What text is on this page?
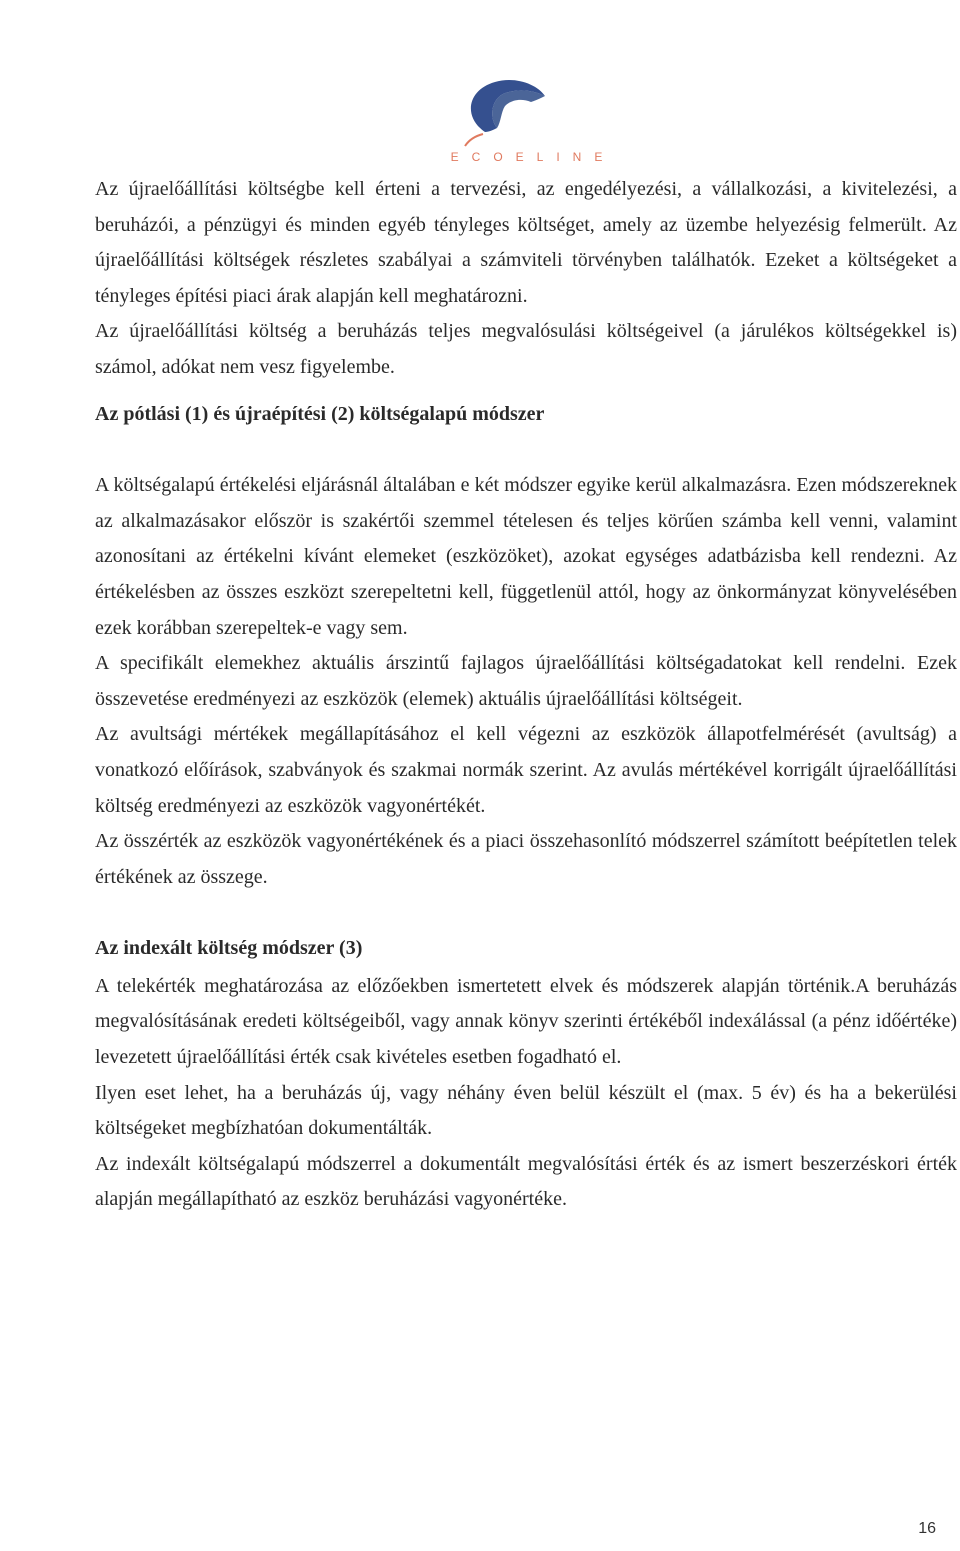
ECOELINE

Az újraelőállítási költségbe kell érteni a tervezési, az engedélyezési, a vállalkozási, a kivitelezési, a beruházói, a pénzügyi és minden egyéb tényleges költséget, amely az üzembe helyezésig felmerült. Az újraelőállítási költségek részletes szabályai a számviteli törvényben találhatók. Ezeket a költségeket a tényleges építési piaci árak alapján kell meghatározni.

Az újraelőállítási költség a beruházás teljes megvalósulási költségeivel (a járulékos költségekkel is) számol, adókat nem vesz figyelembe.

Az pótlási (1) és újraépítési (2) költségalapú módszer

A költségalapú értékelési eljárásnál általában e két módszer egyike kerül alkalmazásra. Ezen módszereknek az alkalmazásakor először is szakértői szemmel tételesen és teljes körűen számba kell venni, valamint azonosítani az értékelni kívánt elemeket (eszközöket), azokat egységes adatbázisba kell rendezni. Az értékelésben az összes eszközt szerepeltetni kell, függetlenül attól, hogy az önkormányzat könyvelésében ezek korábban szerepeltek-e vagy sem.

A specifikált elemekhez aktuális árszintű fajlagos újraelőállítási költségadatokat kell rendelni. Ezek összevetése eredményezi az eszközök (elemek) aktuális újraelőállítási költségeit.

Az avultsági mértékek megállapításához el kell végezni az eszközök állapotfelmérését (avultság) a vonatkozó előírások, szabványok és szakmai normák szerint. Az avulás mértékével korrigált újraelőállítási költség eredményezi az eszközök vagyonértékét.

Az összérték az eszközök vagyonértékének és a piaci összehasonlító módszerrel számított beépítetlen telek értékének az összege.

Az indexált költség módszer (3)

A telekérték meghatározása az előzőekben ismertetett elvek és módszerek alapján történik.A beruházás megvalósításának eredeti költségeiből, vagy annak könyv szerinti értékéből indexálással (a pénz időértéke) levezetett újraelőállítási érték csak kivételes esetben fogadható el.

Ilyen eset lehet, ha a beruházás új, vagy néhány éven belül készült el (max. 5 év) és ha a bekerülési költségeket megbízhatóan dokumentálták.

Az indexált költségalapú módszerrel a dokumentált megvalósítási érték és az ismert beszerzéskori érték alapján megállapítható az eszköz beruházási vagyonértéke.

16
